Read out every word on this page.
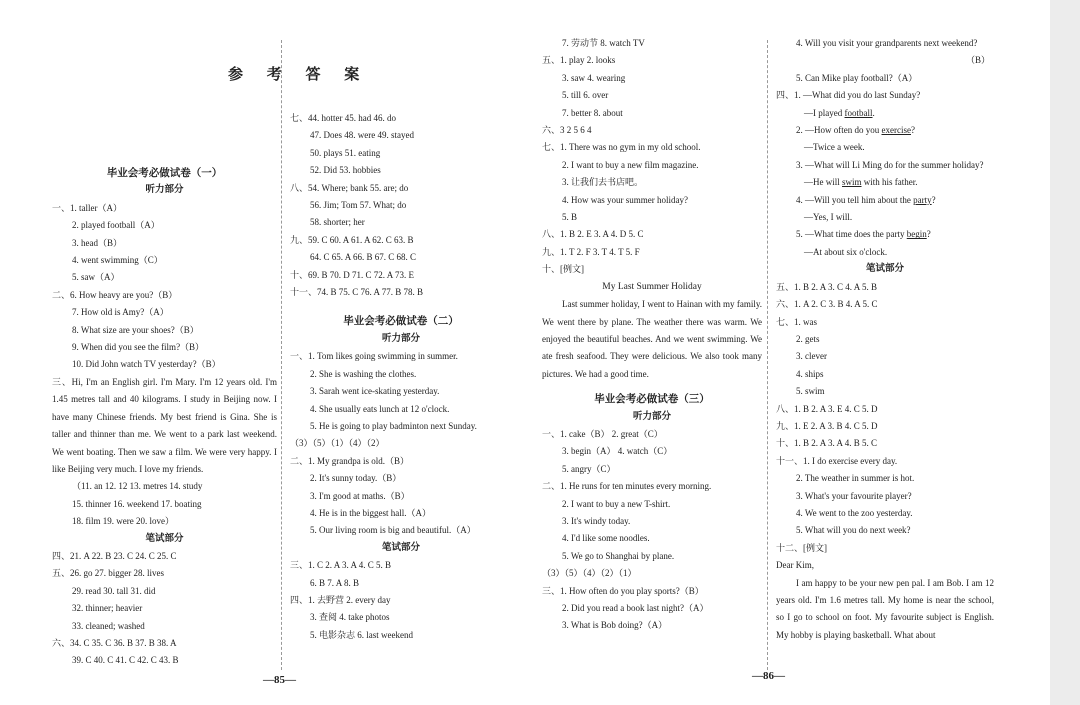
参 考 答 案
毕业会考必做试卷（一）
听力部分
一、1. taller（A）
2. played football（A）
3. head（B）
4. went swimming（C）
5. saw（A）
二、6. How heavy are you?（B）
7. How old is Amy?（A）
8. What size are your shoes?（B）
9. When did you see the film?（B）
10. Did John watch TV yesterday?（B）
三、Hi, I'm an English girl. I'm Mary. I'm 12 years old. I'm 1.45 metres tall and 40 kilograms. I study in Beijing now. I have many Chinese friends. My best friend is Gina. She is taller and thinner than me. We went to a park last weekend. We went boating. Then we saw a film. We were very happy. I like Beijing very much. I love my friends.
（11. an 12. 12 13. metres 14. study
15. thinner 16. weekend 17. boating
18. film 19. were 20. love）
笔试部分
四、21. A 22. B 23. C 24. C 25. C
五、26. go 27. bigger 28. lives
29. read 30. tall 31. did
32. thinner; heavier
33. cleaned; washed
六、34. C 35. C 36. B 37. B 38. A
39. C 40. C 41. C 42. C 43. B
七、44. hotter 45. had 46. do
47. Does 48. were 49. stayed
50. plays 51. eating
52. Did 53. hobbies
八、54. Where; bank 55. are; do
56. Jim; Tom 57. What; do
58. shorter; her
九、59. C 60. A 61. A 62. C 63. B
64. C 65. A 66. B 67. C 68. C
十、69. B 70. D 71. C 72. A 73. E
十一、74. B 75. C 76. A 77. B 78. B
毕业会考必做试卷（二）
听力部分
一、1. Tom likes going swimming in summer.
2. She is washing the clothes.
3. Sarah went ice-skating yesterday.
4. She usually eats lunch at 12 o'clock.
5. He is going to play badminton next Sunday.
（3）（5）（1）（4）（2）
二、1. My grandpa is old.（B）
2. It's sunny today.（B）
3. I'm good at maths.（B）
4. He is in the biggest hall.（A）
5. Our living room is big and beautiful.（A）
笔试部分
三、1. C 2. A 3. A 4. C 5. B
6. B 7. A 8. B
四、1. 去野营 2. every day
3. 查阅 4. take photos
5. 电影杂志 6. last weekend
7. 劳动节 8. watch TV
五、1. play 2. looks
3. saw 4. wearing
5. till 6. over
7. better 8. about
六、3 2 5 6 4
七、1. There was no gym in my old school.
2. I want to buy a new film magazine.
3. 让我们去书店吧。
4. How was your summer holiday?
5. B
八、1. B 2. E 3. A 4. D 5. C
九、1. T 2. F 3. T 4. T 5. F
十、[例文]
My Last Summer Holiday
Last summer holiday, I went to Hainan with my family. We went there by plane. The weather there was warm. We enjoyed the beautiful beaches. And we went swimming. We ate fresh seafood. They were delicious. We also took many pictures. We had a good time.
毕业会考必做试卷（三）
听力部分
一、1. cake（B） 2. great（C）
3. begin（A） 4. watch（C）
5. angry（C）
二、1. He runs for ten minutes every morning.
2. I want to buy a new T-shirt.
3. It's windy today.
4. I'd like some noodles.
5. We go to Shanghai by plane.
（3）（5）（4）（2）（1）
三、1. How often do you play sports?（B）
2. Did you read a book last night?（A）
3. What is Bob doing?（A）
4. Will you visit your grandparents next weekend?
（B）
5. Can Mike play football?（A）
四、1. —What did you do last Sunday?
—I played football.
2. —How often do you exercise?
—Twice a week.
3. —What will Li Ming do for the summer holiday?
—He will swim with his father.
4. —Will you tell him about the party?
—Yes, I will.
5. —What time does the party begin?
—At about six o'clock.
笔试部分
五、1. B 2. A 3. C 4. A 5. B
六、1. A 2. C 3. B 4. A 5. C
七、1. was
2. gets
3. clever
4. ships
5. swim
八、1. B 2. A 3. E 4. C 5. D
九、1. E 2. A 3. B 4. C 5. D
十、1. B 2. A 3. A 4. B 5. C
十一、1. I do exercise every day.
2. The weather in summer is hot.
3. What's your favourite player?
4. We went to the zoo yesterday.
5. What will you do next week?
十二、[例文]
Dear Kim,
I am happy to be your new pen pal. I am Bob. I am 12 years old. I'm 1.6 metres tall. My home is near the school, so I go to school on foot. My favourite subject is English. My hobby is playing basketball. What about
—85—	—86—
